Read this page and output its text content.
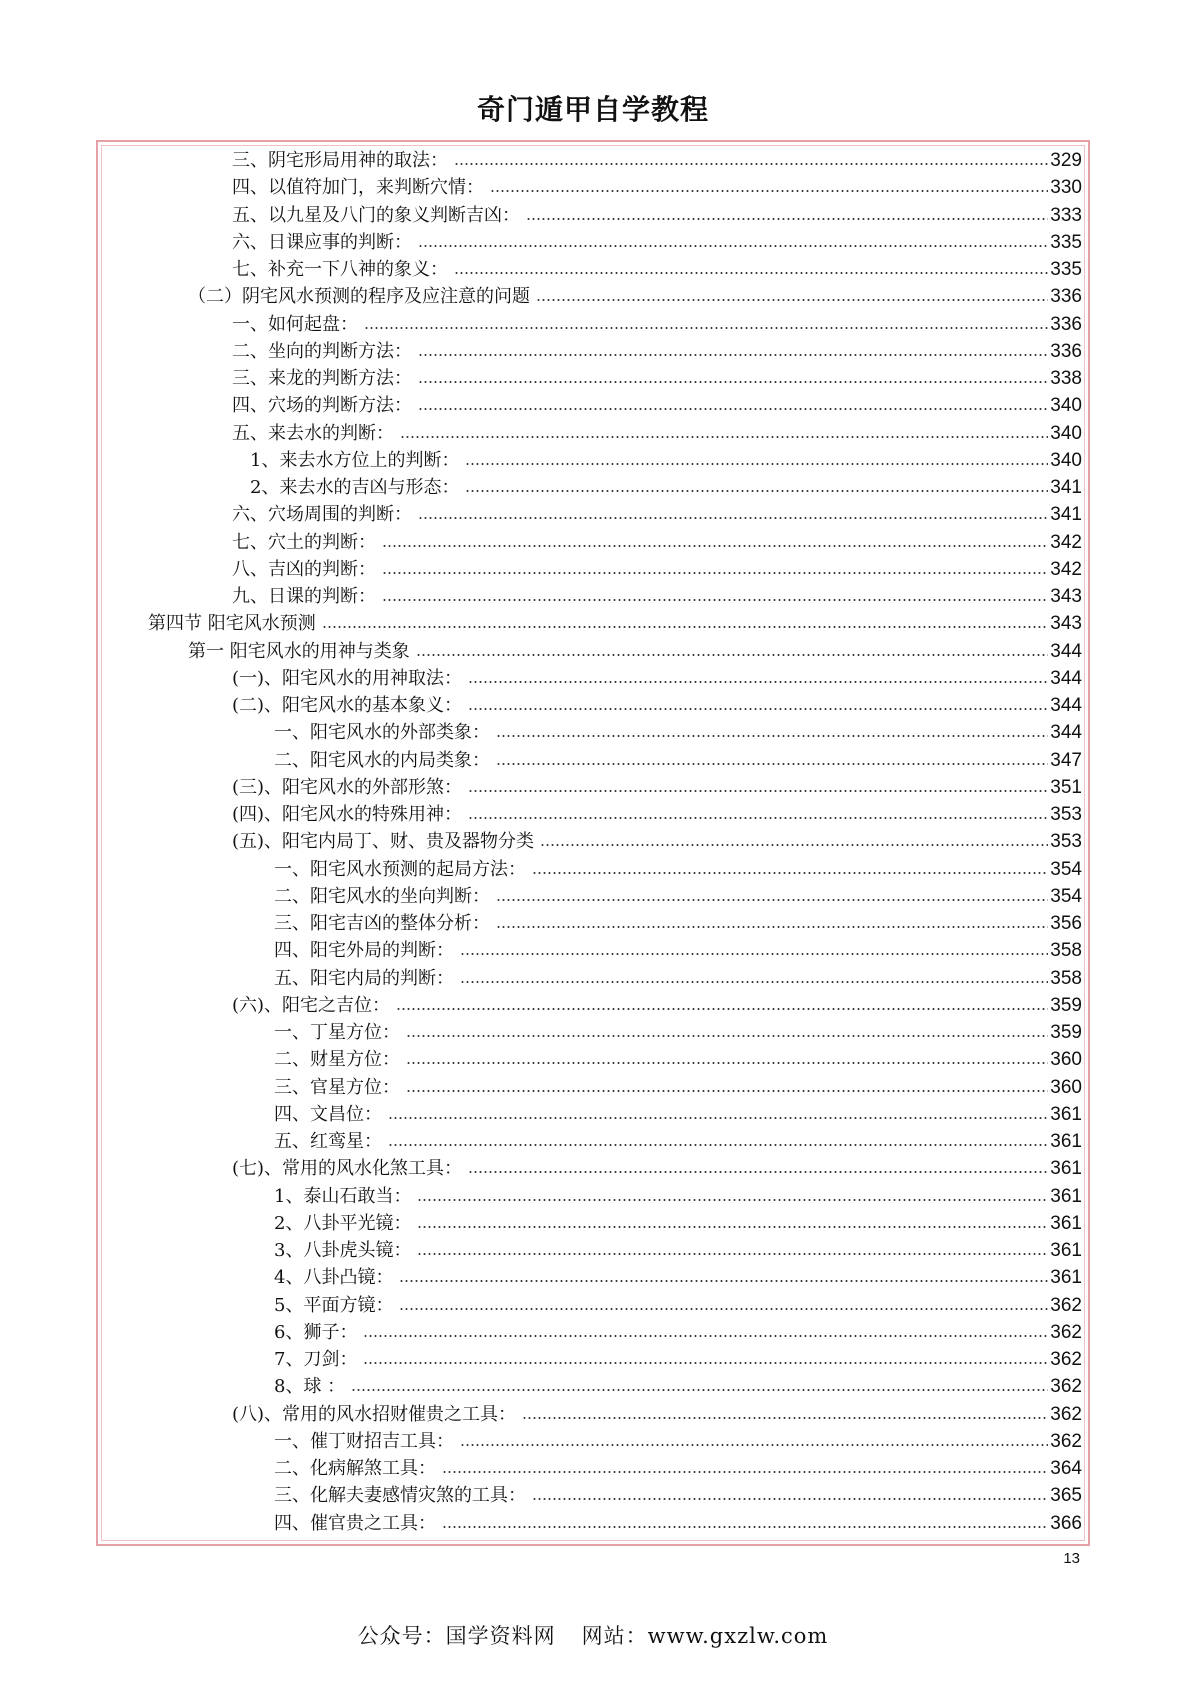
奇门遁甲自学教程
三、阴宅形局用神的取法：	329
四、以值符加门，来判断穴情：	330
五、以九星及八门的象义判断吉凶：	333
六、日课应事的判断：	335
七、补充一下八神的象义：	335
（二）阴宅风水预测的程序及应注意的问题	336
一、如何起盘：	336
二、坐向的判断方法：	336
三、来龙的判断方法：	338
四、穴场的判断方法：	340
五、来去水的判断：	340
1、来去水方位上的判断：	340
2、来去水的吉凶与形态：	341
六、穴场周围的判断：	341
七、穴土的判断：	342
八、吉凶的判断：	342
九、日课的判断：	343
第四节 阳宅风水预测	343
第一 阳宅风水的用神与类象	344
(一)、阳宅风水的用神取法：	344
(二)、阳宅风水的基本象义：	344
一、阳宅风水的外部类象：	344
二、阳宅风水的内局类象：	347
(三)、阳宅风水的外部形煞：	351
(四)、阳宅风水的特殊用神：	353
(五)、阳宅内局丁、财、贵及器物分类	353
一、阳宅风水预测的起局方法：	354
二、阳宅风水的坐向判断：	354
三、阳宅吉凶的整体分析：	356
四、阳宅外局的判断：	358
五、阳宅内局的判断：	358
(六)、阳宅之吉位：	359
一、丁星方位：	359
二、财星方位：	360
三、官星方位：	360
四、文昌位：	361
五、红鸾星：	361
(七)、常用的风水化煞工具：	361
1、泰山石敢当：	361
2、八卦平光镜：	361
3、八卦虎头镜：	361
4、八卦凸镜：	361
5、平面方镜：	362
6、狮子：	362
7、刀剑：	362
8、球 ：	362
(八)、常用的风水招财催贵之工具：	362
一、催丁财招吉工具：	362
二、化病解煞工具：	364
三、化解夫妻感情灾煞的工具：	365
四、催官贵之工具：	366
13
公众号：国学资料网 网站：www.gxzlw.com
